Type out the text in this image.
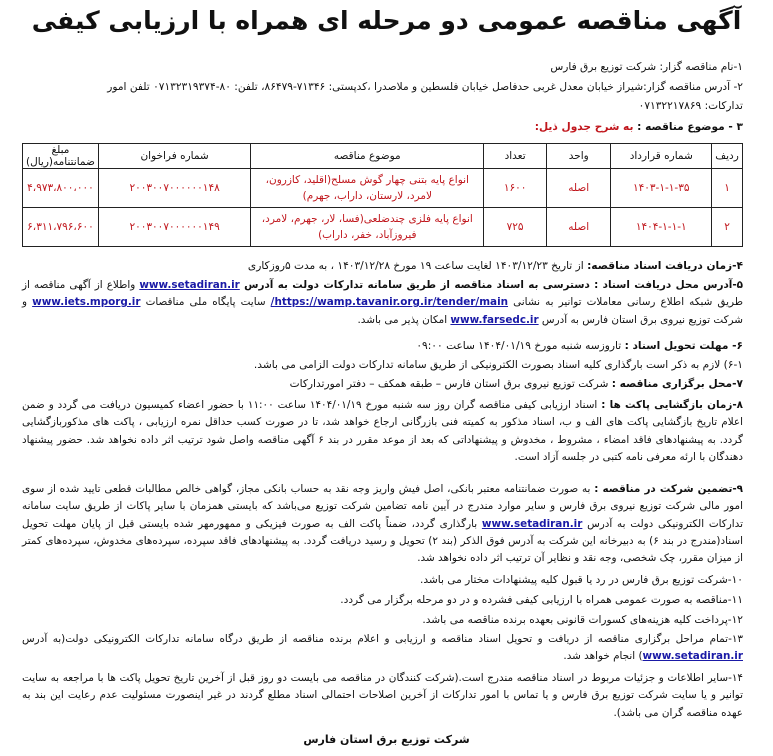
آگهی مناقصه عمومی دو مرحله ای همراه با ارزیابی کیفی
۱-نام مناقصه گزار: شرکت توزیع برق فارس
۲- آدرس مناقصه گزار:شیراز خیابان معدل غربی حدفاصل خیابان فلسطین و ملاصدرا ،کدپستی: ۷۱۳۴۶-۸۶۴۷۹، تلفن: ۸۰-۰۷۱۳۲۳۱۹۳۷۴ تلفن امور
تدارکات: ۰۷۱۳۲۲۱۷۸۶۹
۳ - موضوع مناقصه : به شرح جدول ذیل:
ردیف	شماره قرارداد	واحد	تعداد	موضوع مناقصه	شماره فراخوان	مبلغ ضمانتنامه(ریال)
۱	۱۴۰۳-۱-۱-۳۵	اصله	۱۶۰۰	انواع پایه بتنی چهار گوش مسلح(اقلید، کازرون، لامرد، لارستان، داراب، جهرم)	۲۰۰۳۰۰۷۰۰۰۰۰۰۱۴۸	۴،۹۷۳،۸۰۰،۰۰۰
۲	۱۴۰۴-۱-۱-۱	اصله	۷۲۵	انواع پایه فلزی چندضلعی(فسا، لار، جهرم، لامرد، فیروزآباد، خفر، داراب)	۲۰۰۳۰۰۷۰۰۰۰۰۰۱۴۹	۶،۳۱۱،۷۹۶،۶۰۰
۴-زمان دریافت اسناد مناقصه: از تاریخ ۱۴۰۳/۱۲/۲۳ لغایت ساعت ۱۹ مورخ ۱۴۰۳/۱۲/۲۸ ، به مدت ۵روزکاری
۵-آدرس محل دریافت اسناد : دسترسی به اسناد مناقصه از طریق سامانه تدارکات دولت به آدرس www.setadiran.ir واطلاع از آگهی مناقصه از طریق شبکه اطلاع رسانی معاملات توانیر به نشانی https://wamp.tavanir.org.ir/tender/main/ سایت پایگاه ملی مناقصات www.iets.mporg.ir و شرکت توزیع نیروی برق استان فارس به آدرس www.farsedc.ir امکان پذیر می باشد.
۶- مهلت تحویل اسناد : تاروزسه شنبه مورخ ۱۴۰۴/۰۱/۱۹ ساعت ۰۹:۰۰
۶-۱) لازم به ذکر است بارگذاری کلیه اسناد بصورت الکترونیکی از طریق سامانه تدارکات دولت الزامی می باشد.
۷-محل برگزاری مناقصه : شرکت توزیع نیروی برق استان فارس – طبقه همکف – دفتر امورتدارکات
۸-زمان بازگشایی پاکت ها : اسناد ارزیابی کیفی مناقصه گران روز سه شنبه مورخ ۱۴۰۴/۰۱/۱۹ ساعت ۱۱:۰۰ با حضور اعضاء کمیسیون دریافت می گردد و ضمن اعلام تاریخ بازگشایی پاکت های الف و ب، اسناد مذکور به کمیته فنی بازرگانی ارجاع خواهد شد، تا در صورت کسب حداقل نمره ارزیابی ، پاکت های مذکوربازگشایی گردد. به پیشنهادهای فاقد امضاء ، مشروط ، مخدوش و پیشنهاداتی که بعد از موعد مقرر در بند ۶ آگهی مناقصه واصل شود ترتیب اثر داده نخواهد شد. حضور پیشنهاد دهندگان با ارئه معرفی نامه کتبی در جلسه آزاد است.
۹-تضمین شرکت در مناقصه : به صورت ضمانتنامه معتبر بانکی، اصل فیش واریز وجه نقد به حساب بانکی مجاز، گواهی خالص مطالبات قطعی تایید شده از سوی امور مالی شرکت توزیع نیروی برق فارس و سایر موارد مندرج در آیین نامه تضامین شرکت توزیع می‌باشد که بایستی همزمان با سایر پاکات از طریق سایت سامانه تدارکات الکترونیکی دولت به آدرس www.setadiran.ir بارگذاری گردد، ضمناً پاکت الف به صورت فیزیکی و ممهورمهر شده بایستی قبل از پایان مهلت تحویل اسناد(مندرج در بند ۶) به دبیرخانه این شرکت به آدرس فوق الذکر (بند ۲) تحویل و رسید دریافت گردد. به پیشنهادهای فاقد سپرده، سپرده‌های مخدوش، سپرده‌های کمتر از میزان مقرر، چک شخصی، وجه نقد و نظایر آن ترتیب اثر داده نخواهد شد.
۱۰-شرکت توزیع برق فارس در رد یا قبول کلیه پیشنهادات مختار می باشد.
۱۱-مناقصه به صورت عمومی همراه با ارزیابی کیفی فشرده و در دو مرحله برگزار می گردد.
۱۲-پرداخت کلیه هزینه‌های کسورات قانونی بعهده برنده مناقصه می باشد.
۱۳-تمام مراحل برگزاری مناقصه از دریافت و تحویل اسناد مناقصه و ارزیابی و اعلام برنده مناقصه از طریق درگاه سامانه تدارکات الکترونیکی دولت(به آدرس www.setadiran.ir) انجام خواهد شد.
۱۴-سایر اطلاعات و جزئیات مربوط در اسناد مناقصه مندرج است.(شرکت کنندگان در مناقصه می بایست دو روز قبل از آخرین تاریخ تحویل پاکت ها با مراجعه به سایت توانیر و یا سایت شرکت توزیع برق فارس و یا تماس با امور تدارکات از آخرین اصلاحات احتمالی اسناد مطلع گردند در غیر اینصورت مسئولیت عدم رعایت این بند به عهده مناقصه گران می باشد).
شرکت توزیع برق استان فارس
